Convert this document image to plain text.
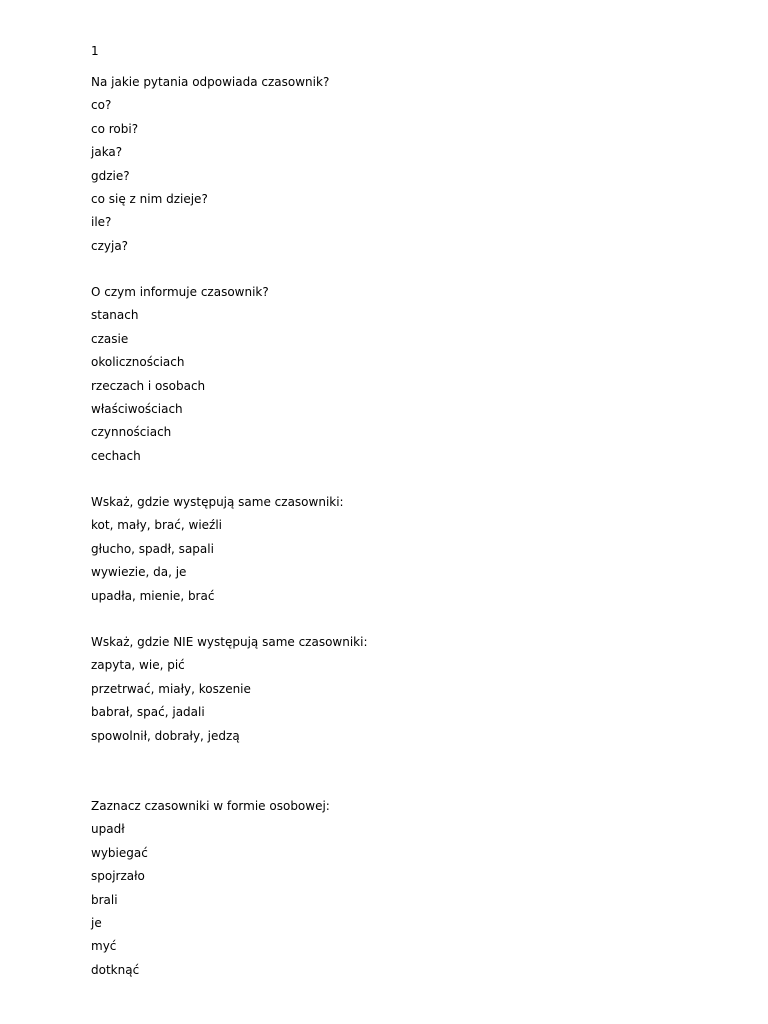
1
Na jakie pytania odpowiada czasownik?
co?
co robi?
jaka?
gdzie?
co się z nim dzieje?
ile?
czyja?
O czym informuje czasownik?
stanach
czasie
okolicznościach
rzeczach i osobach
właściwościach
czynnościach
cechach
Wskaż, gdzie występują same czasowniki:
kot, mały, brać, wieźli
głucho, spadł, sapali
wywiezie, da, je
upadła, mienie, brać
Wskaż, gdzie NIE występują same czasowniki:
zapyta, wie, pić
przetrwać, miały, koszenie
babrał, spać, jadali
spowolnił, dobrały, jedzą
Zaznacz czasowniki w formie osobowej:
upadł
wybiegać
spojrzało
brali
je
myć
dotknąć
